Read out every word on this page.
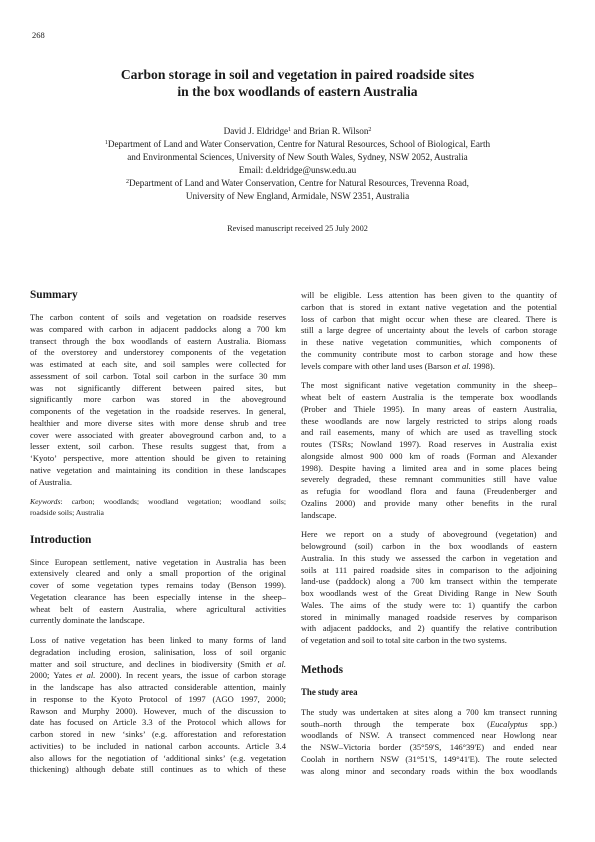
268
Carbon storage in soil and vegetation in paired roadside sites
in the box woodlands of eastern Australia
David J. Eldridge$^1$ and Brian R. Wilson$^2$
$^1$Department of Land and Water Conservation, Centre for Natural Resources, School of Biological, Earth
and Environmental Sciences, University of New South Wales, Sydney, NSW 2052, Australia
Email: d.eldridge@unsw.edu.au
$^2$Department of Land and Water Conservation, Centre for Natural Resources, Trevenna Road,
University of New England, Armidale, NSW 2351, Australia
Revised manuscript received 25 July 2002
Summary

The carbon content of soils and vegetation on roadside reserves
was compared with carbon in adjacent paddocks along a 700 km
transect through the box woodlands of eastern Australia. Biomass
of the overstorey and understorey components of the vegetation
was estimated at each site, and soil samples were collected for
assessment of soil carbon. Total soil carbon in the surface 30 mm
was not significantly different between paired sites, but
significantly more carbon was stored in the aboveground
components of the vegetation in the roadside reserves. In general,
healthier and more diverse sites with more dense shrub and tree
cover were associated with greater aboveground carbon and, to a
lesser extent, soil carbon. These results suggest that, from a
‘Kyoto’ perspective, more attention should be given to retaining
native vegetation and maintaining its condition in these landscapes
of Australia.

Keywords: carbon; woodlands; woodland vegetation; woodland soils;
roadside soils; Australia

Introduction

Since European settlement, native vegetation in Australia has been
extensively cleared and only a small proportion of the original
cover of some vegetation types remains today (Benson 1999).
Vegetation clearance has been especially intense in the sheep–
wheat belt of eastern Australia, where agricultural activities
currently dominate the landscape.

Loss of native vegetation has been linked to many forms of land
degradation including erosion, salinisation, loss of soil organic
matter and soil structure, and declines in biodiversity (Smith et al.
2000; Yates et al. 2000). In recent years, the issue of carbon storage
in the landscape has also attracted considerable attention, mainly
in response to the Kyoto Protocol of 1997 (AGO 1997, 2000;
Rawson and Murphy 2000). However, much of the discussion to
date has focused on Article 3.3 of the Protocol which allows for
carbon stored in new ‘sinks’ (e.g. afforestation and reforestation
activities) to be included in national carbon accounts. Article 3.4
also allows for the negotiation of ‘additional sinks’ (e.g. vegetation
thickening) although debate still continues as to which of these

will be eligible. Less attention has been given to the quantity of
carbon that is stored in extant native vegetation and the potential
loss of carbon that might occur when these are cleared. There is
still a large degree of uncertainty about the levels of carbon storage
in these native vegetation communities, which components of
the community contribute most to carbon storage and how these
levels compare with other land uses (Barson et al. 1998).

The most significant native vegetation community in the sheep–
wheat belt of eastern Australia is the temperate box woodlands
(Prober and Thiele 1995). In many areas of eastern Australia,
these woodlands are now largely restricted to strips along roads
and rail easements, many of which are used as travelling stock
routes (TSRs; Nowland 1997). Road reserves in Australia exist
alongside almost 900 000 km of roads (Forman and Alexander
1998). Despite having a limited area and in some places being
severely degraded, these remnant communities still have value
as refugia for woodland flora and fauna (Freudenberger and
Ozalins 2000) and provide many other benefits in the rural
landscape.

Here we report on a study of aboveground (vegetation) and
belowground (soil) carbon in the box woodlands of eastern
Australia. In this study we assessed the carbon in vegetation and
soils at 111 paired roadside sites in comparison to the adjoining
land-use (paddock) along a 700 km transect within the temperate
box woodlands west of the Great Dividing Range in New South
Wales. The aims of the study were to: 1) quantify the carbon
stored in minimally managed roadside reserves by comparison
with adjacent paddocks, and 2) quantify the relative contribution
of vegetation and soil to total site carbon in the two systems.

Methods
The study area

The study was undertaken at sites along a 700 km transect running
south–north through the temperate box (Eucalyptus spp.)
woodlands of NSW. A transect commenced near Howlong near
the NSW–Victoria border (35°59'S, 146°39'E) and ended near
Coolah in northern NSW (31°51'S, 149°41'E). The route selected
was along minor and secondary roads within the box woodlands
